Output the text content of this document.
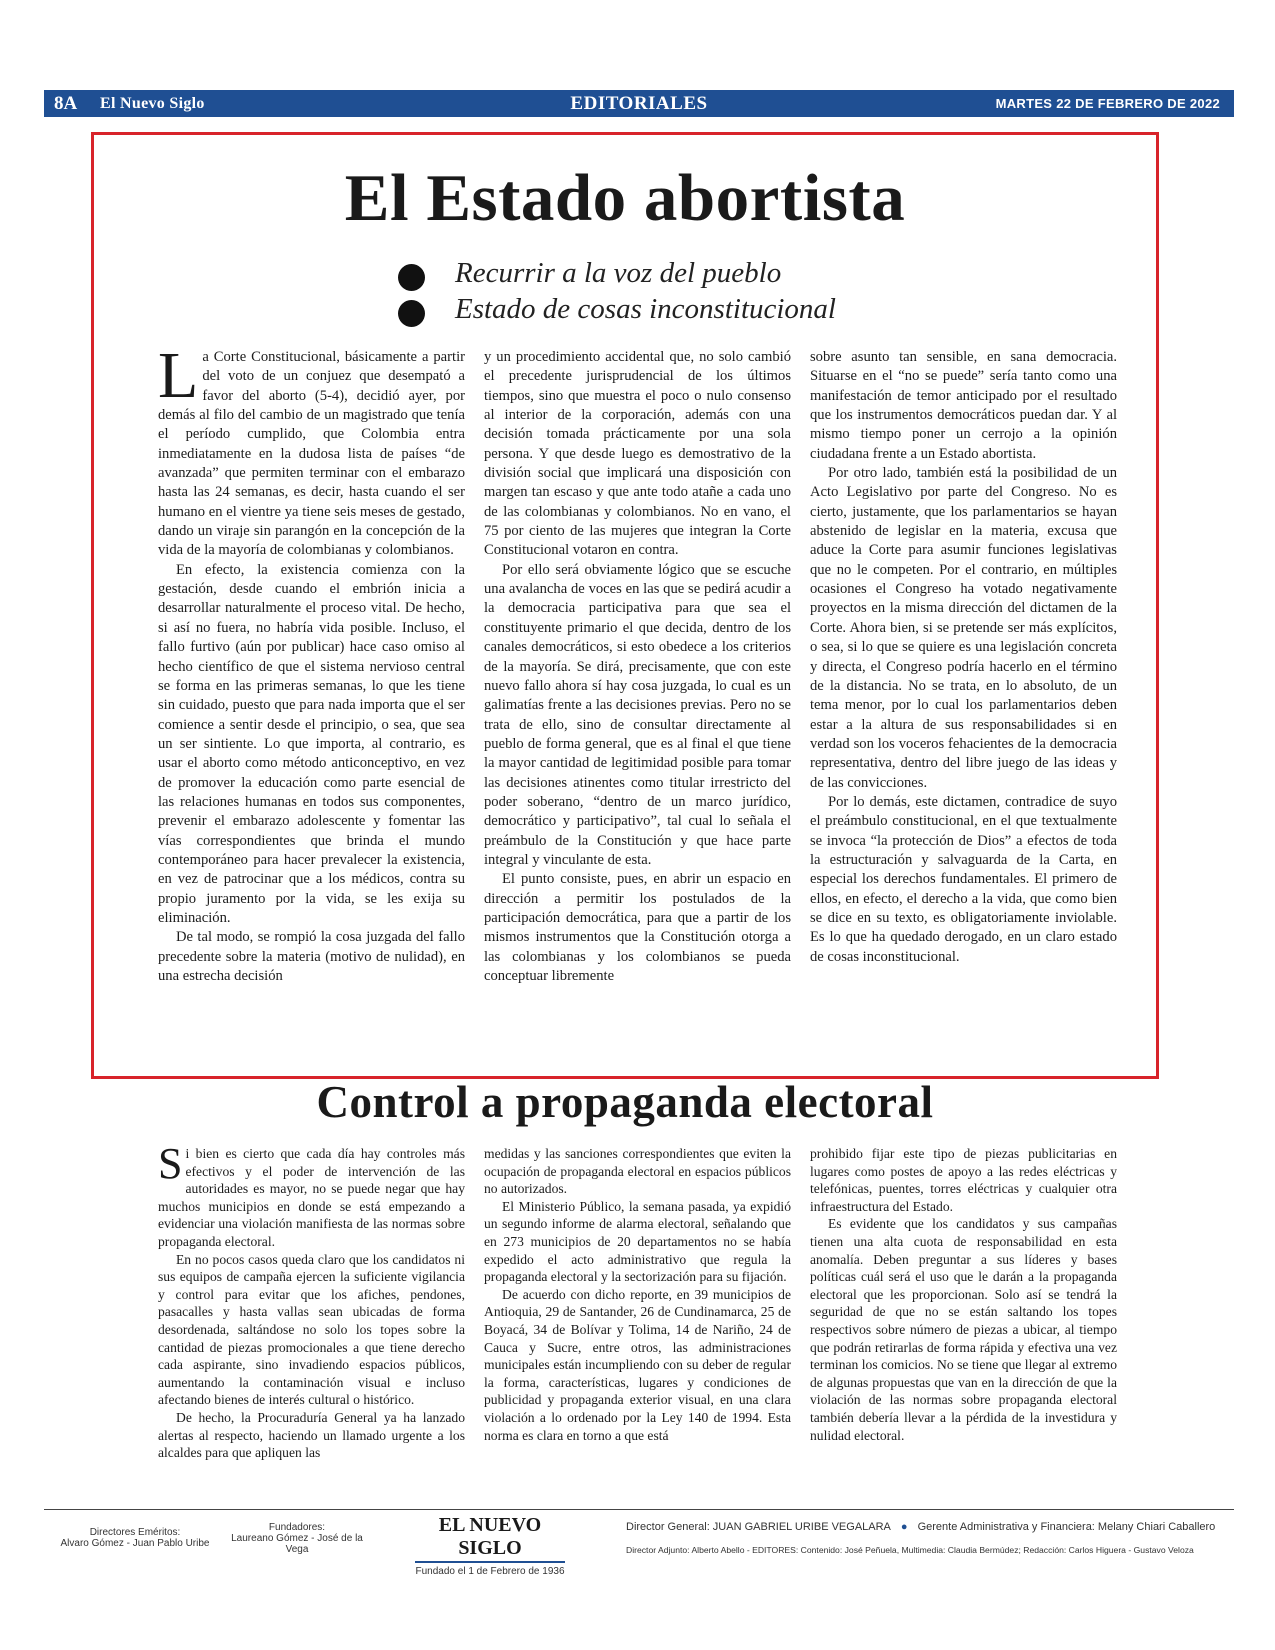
8A El Nuevo Siglo	EDITORIALES	MARTES 22 DE FEBRERO DE 2022
El Estado abortista
Recurrir a la voz del pueblo
Estado de cosas inconstitucional

La Corte Constitucional, básicamente a partir del voto de un conjuez que desempató a favor del aborto (5-4), decidió ayer, por demás al filo del cambio de un magistrado que tenía el período cumplido, que Colombia entra inmediatamente en la dudosa lista de países “de avanzada” que permiten terminar con el embarazo hasta las 24 semanas, es decir, hasta cuando el ser humano en el vientre ya tiene seis meses de gestado, dando un viraje sin parangón en la concepción de la vida de la mayoría de colombianas y colombianos.

En efecto, la existencia comienza con la gestación, desde cuando el embrión inicia a desarrollar naturalmente el proceso vital. De hecho, si así no fuera, no habría vida posible. Incluso, el fallo furtivo (aún por publicar) hace caso omiso al hecho científico de que el sistema nervioso central se forma en las primeras semanas, lo que les tiene sin cuidado, puesto que para nada importa que el ser comience a sentir desde el principio, o sea, que sea un ser sintiente. Lo que importa, al contrario, es usar el aborto como método anticonceptivo, en vez de promover la educación como parte esencial de las relaciones humanas en todos sus componentes, prevenir el embarazo adolescente y fomentar las vías correspondientes que brinda el mundo contemporáneo para hacer prevalecer la existencia, en vez de patrocinar que a los médicos, contra su propio juramento por la vida, se les exija su eliminación.

De tal modo, se rompió la cosa juzgada del fallo precedente sobre la materia (motivo de nulidad), en una estrecha decisión

y un procedimiento accidental que, no solo cambió el precedente jurisprudencial de los últimos tiempos, sino que muestra el poco o nulo consenso al interior de la corporación, además con una decisión tomada prácticamente por una sola persona. Y que desde luego es demostrativo de la división social que implicará una disposición con margen tan escaso y que ante todo atañe a cada uno de las colombianas y colombianos. No en vano, el 75 por ciento de las mujeres que integran la Corte Constitucional votaron en contra.

Por ello será obviamente lógico que se escuche una avalancha de voces en las que se pedirá acudir a la democracia participativa para que sea el constituyente primario el que decida, dentro de los canales democráticos, si esto obedece a los criterios de la mayoría. Se dirá, precisamente, que con este nuevo fallo ahora sí hay cosa juzgada, lo cual es un galimatías frente a las decisiones previas. Pero no se trata de ello, sino de consultar directamente al pueblo de forma general, que es al final el que tiene la mayor cantidad de legitimidad posible para tomar las decisiones atinentes como titular irrestricto del poder soberano, “dentro de un marco jurídico, democrático y participativo”, tal cual lo señala el preámbulo de la Constitución y que hace parte integral y vinculante de esta.

El punto consiste, pues, en abrir un espacio en dirección a permitir los postulados de la participación democrática, para que a partir de los mismos instrumentos que la Constitución otorga a las colombianas y los colombianos se pueda conceptuar libremente

sobre asunto tan sensible, en sana democracia. Situarse en el “no se puede” sería tanto como una manifestación de temor anticipado por el resultado que los instrumentos democráticos puedan dar. Y al mismo tiempo poner un cerrojo a la opinión ciudadana frente a un Estado abortista.

Por otro lado, también está la posibilidad de un Acto Legislativo por parte del Congreso. No es cierto, justamente, que los parlamentarios se hayan abstenido de legislar en la materia, excusa que aduce la Corte para asumir funciones legislativas que no le competen. Por el contrario, en múltiples ocasiones el Congreso ha votado negativamente proyectos en la misma dirección del dictamen de la Corte. Ahora bien, si se pretende ser más explícitos, o sea, si lo que se quiere es una legislación concreta y directa, el Congreso podría hacerlo en el término de la distancia. No se trata, en lo absoluto, de un tema menor, por lo cual los parlamentarios deben estar a la altura de sus responsabilidades si en verdad son los voceros fehacientes de la democracia representativa, dentro del libre juego de las ideas y de las convicciones.

Por lo demás, este dictamen, contradice de suyo el preámbulo constitucional, en el que textualmente se invoca “la protección de Dios” a efectos de toda la estructuración y salvaguarda de la Carta, en especial los derechos fundamentales. El primero de ellos, en efecto, el derecho a la vida, que como bien se dice en su texto, es obligatoriamente inviolable. Es lo que ha quedado derogado, en un claro estado de cosas inconstitucional.

Control a propaganda electoral

Si bien es cierto que cada día hay controles más efectivos y el poder de intervención de las autoridades es mayor, no se puede negar que hay muchos municipios en donde se está empezando a evidenciar una violación manifiesta de las normas sobre propaganda electoral.

En no pocos casos queda claro que los candidatos ni sus equipos de campaña ejercen la suficiente vigilancia y control para evitar que los afiches, pendones, pasacalles y hasta vallas sean ubicadas de forma desordenada, saltándose no solo los topes sobre la cantidad de piezas promocionales a que tiene derecho cada aspirante, sino invadiendo espacios públicos, aumentando la contaminación visual e incluso afectando bienes de interés cultural o histórico.

De hecho, la Procuraduría General ya ha lanzado alertas al respecto, haciendo un llamado urgente a los alcaldes para que apliquen las

medidas y las sanciones correspondientes que eviten la ocupación de propaganda electoral en espacios públicos no autorizados.

El Ministerio Público, la semana pasada, ya expidió un segundo informe de alarma electoral, señalando que en 273 municipios de 20 departamentos no se había expedido el acto administrativo que regula la propaganda electoral y la sectorización para su fijación.

De acuerdo con dicho reporte, en 39 municipios de Antioquia, 29 de Santander, 26 de Cundinamarca, 25 de Boyacá, 34 de Bolívar y Tolima, 14 de Nariño, 24 de Cauca y Sucre, entre otros, las administraciones municipales están incumpliendo con su deber de regular la forma, características, lugares y condiciones de publicidad y propaganda exterior visual, en una clara violación a lo ordenado por la Ley 140 de 1994. Esta norma es clara en torno a que está

prohibido fijar este tipo de piezas publicitarias en lugares como postes de apoyo a las redes eléctricas y telefónicas, puentes, torres eléctricas y cualquier otra infraestructura del Estado.

Es evidente que los candidatos y sus campañas tienen una alta cuota de responsabilidad en esta anomalía. Deben preguntar a sus líderes y bases políticas cuál será el uso que le darán a la propaganda electoral que les proporcionan. Solo así se tendrá la seguridad de que no se están saltando los topes respectivos sobre número de piezas a ubicar, al tiempo que podrán retirarlas de forma rápida y efectiva una vez terminan los comicios. No se tiene que llegar al extremo de algunas propuestas que van en la dirección de que la violación de las normas sobre propaganda electoral también debería llevar a la pérdida de la investidura y nulidad electoral.

Directores Eméritos:
Alvaro Gómez - Juan Pablo Uribe
Fundadores:
Laureano Gómez - José de la Vega
EL NUEVO SIGLO
Fundado el 1 de Febrero de 1936
Director General: JUAN GABRIEL URIBE VEGALARA ● Gerente Administrativa y Financiera: Melany Chiari Caballero
Director Adjunto: Alberto Abello - EDITORES: Contenido: José Peñuela, Multimedia: Claudia Bermúdez; Redacción: Carlos Higuera - Gustavo Veloza
